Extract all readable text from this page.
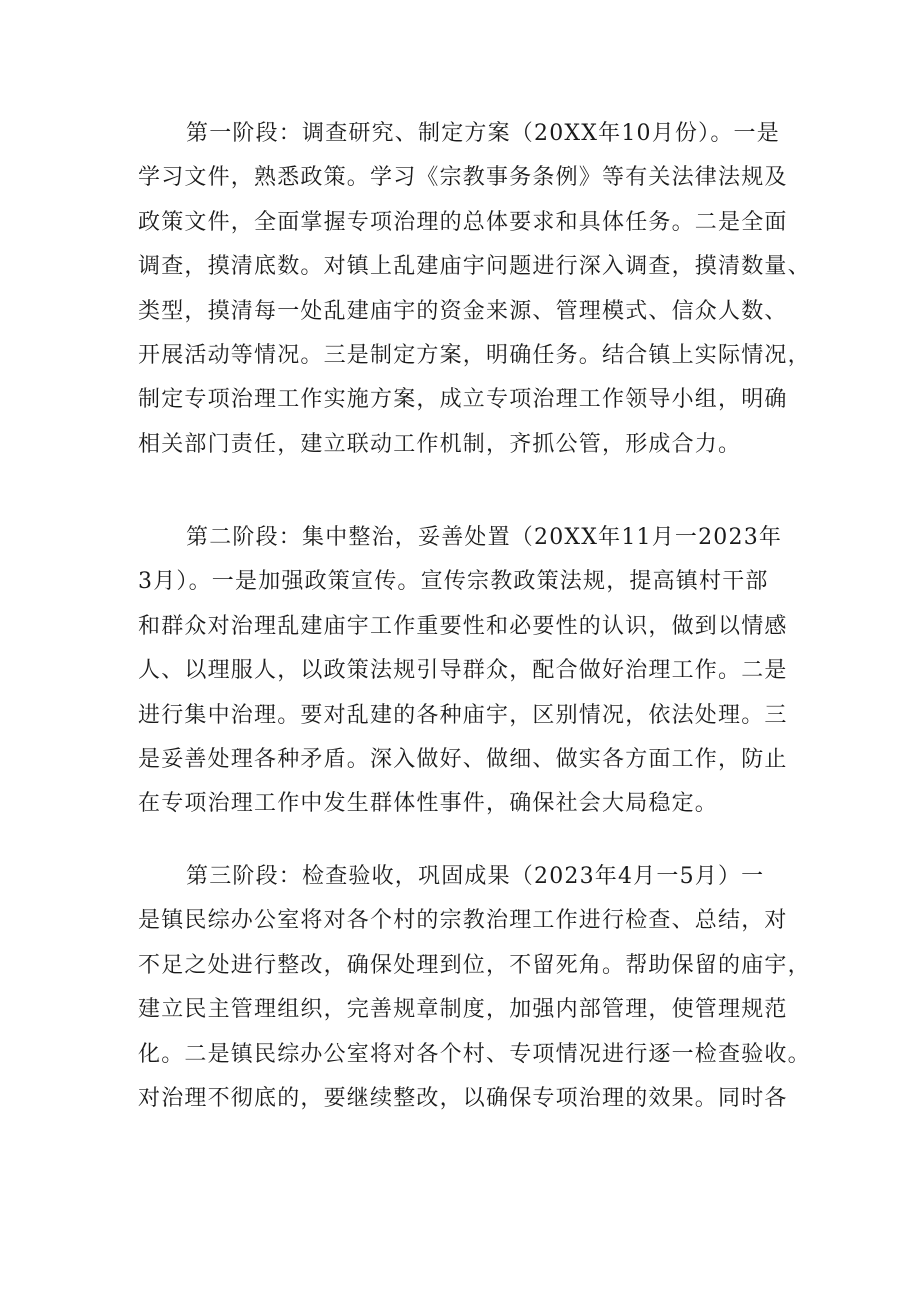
第一阶段：调查研究、制定方案（20XX年10月份）。一是
学习文件，熟悉政策。学习《宗教事务条例》等有关法律法规及
政策文件，全面掌握专项治理的总体要求和具体任务。二是全面
调查，摸清底数。对镇上乱建庙宇问题进行深入调查，摸清数量、
类型，摸清每一处乱建庙宇的资金来源、管理模式、信众人数、
开展活动等情况。三是制定方案，明确任务。结合镇上实际情况，
制定专项治理工作实施方案，成立专项治理工作领导小组，明确
相关部门责任，建立联动工作机制，齐抓公管，形成合力。

第二阶段：集中整治，妥善处置（20XX年11月一2023年
3月）。一是加强政策宣传。宣传宗教政策法规，提高镇村干部
和群众对治理乱建庙宇工作重要性和必要性的认识，做到以情感
人、以理服人，以政策法规引导群众，配合做好治理工作。二是
进行集中治理。要对乱建的各种庙宇，区别情况，依法处理。三
是妥善处理各种矛盾。深入做好、做细、做实各方面工作，防止
在专项治理工作中发生群体性事件，确保社会大局稳定。

第三阶段：检查验收，巩固成果（2023年4月一5月）一
是镇民综办公室将对各个村的宗教治理工作进行检查、总结，对
不足之处进行整改，确保处理到位，不留死角。帮助保留的庙宇，
建立民主管理组织，完善规章制度，加强内部管理，使管理规范
化。二是镇民综办公室将对各个村、专项情况进行逐一检查验收。
对治理不彻底的，要继续整改，以确保专项治理的效果。同时各
